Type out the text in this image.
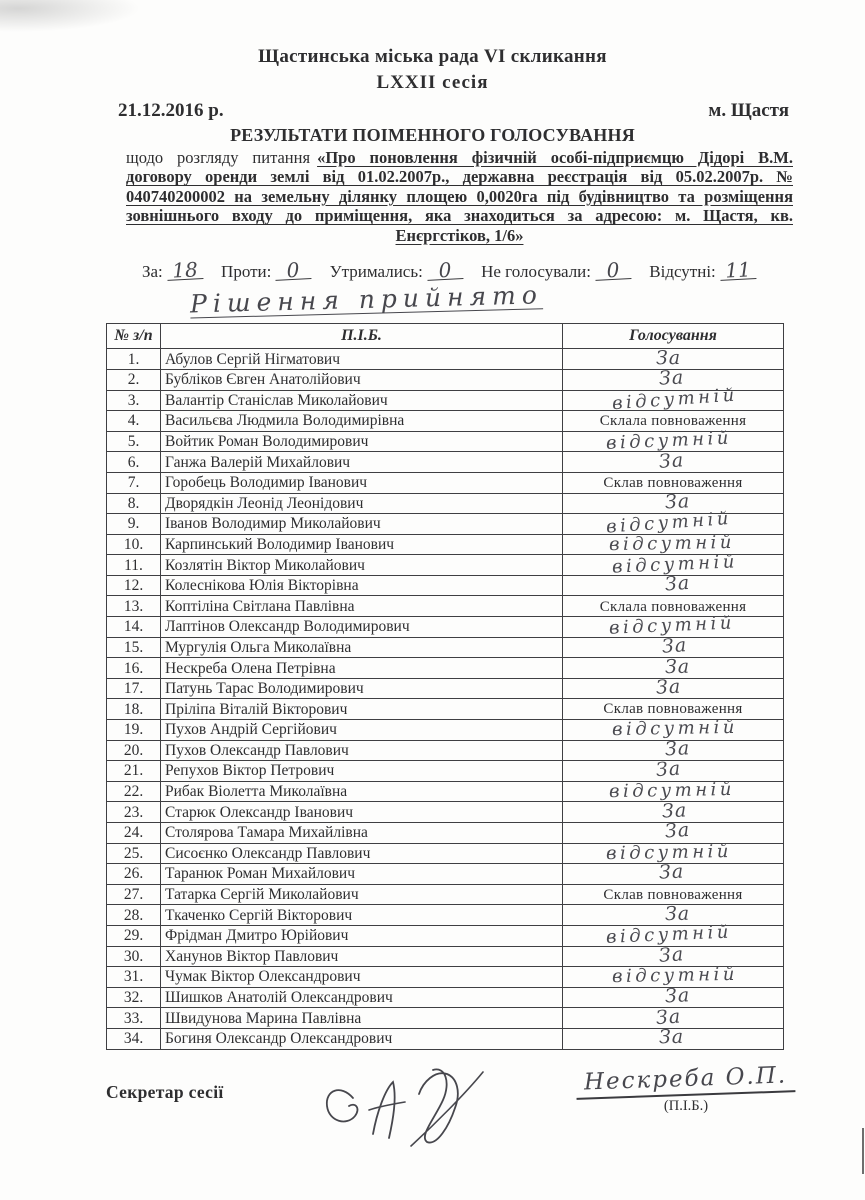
Щастинська міська рада VI скликання
LXXII сесія
21.12.2016 р.	м. Щастя
РЕЗУЛЬТАТИ ПОІМЕННОГО ГОЛОСУВАННЯ

щодо розгляду питання «Про поновлення фізичній особі-підприємцю Дідорі В.М. договору оренди землі від 01.02.2007р., державна реєстрація від 05.02.2007р. № 040740200002 на земельну ділянку площею 0,0020га під будівництво та розміщення зовнішнього входу до приміщення, яка знаходиться за адресою: м. Щастя, кв. Енєргстіков, 1/6»

За: 18 Проти: 0 Утримались: 0 Не голосували: 0 Відсутні: 11
Рішення прийнято
№ з/п	П.І.Б.	Голосування
1.	Абулов Сергій Нігматович	За
2.	Бубліков Євген Анатолійович	За
3.	Валантір Станіслав Миколайович	відсутній
4.	Васильєва Людмила Володимирівна	Склала повноваження
5.	Войтик Роман Володимирович	відсутній
6.	Ганжа Валерій Михайлович	За
7.	Горобець Володимир Іванович	Склав повноваження
8.	Дворядкін Леонід Леонідович	За
9.	Іванов Володимир Миколайович	відсутній
10.	Карпинський Володимир Іванович	відсутній
11.	Козлятін Віктор Миколайович	відсутній
12.	Колеснікова Юлія Вікторівна	За
13.	Коптіліна Світлана Павлівна	Склала повноваження
14.	Лаптінов Олександр Володимирович	відсутній
15.	Мургулія Ольга Миколаївна	За
16.	Нескреба Олена Петрівна	За
17.	Патунь Тарас Володимирович	За
18.	Пріліпа Віталій Вікторович	Склав повноваження
19.	Пухов Андрій Сергійович	відсутній
20.	Пухов Олександр Павлович	За
21.	Репухов Віктор Петрович	За
22.	Рибак Віолетта Миколаївна	відсутній
23.	Старюк Олександр Іванович	За
24.	Столярова Тамара Михайлівна	За
25.	Сисоєнко Олександр Павлович	відсутній
26.	Таранюк Роман Михайлович	За
27.	Татарка Сергій Миколайович	Склав повноваження
28.	Ткаченко Сергій Вікторович	За
29.	Фрідман Дмитро Юрійович	відсутній
30.	Ханунов Віктор Павлович	За
31.	Чумак Віктор Олександрович	відсутній
32.	Шишков Анатолій Олександрович	За
33.	Швидунова Марина Павлівна	За
34.	Богиня Олександр Олександрович	За
Секретар сесії	Нескреба О.П.
(П.І.Б.)
